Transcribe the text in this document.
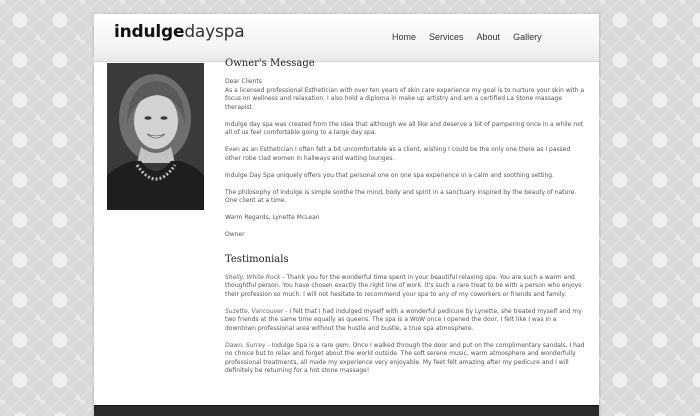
indulgedayspa	Home Services About Gallery
Owner's Message

Dear Clients
As a licensed professional Esthetician with over ten years of skin care experience my goal is to nurture your skin with a focus on wellness and relaxation. I also hold a diploma in make up artistry and am a certified La Stone massage therapist.

Indulge day spa was created from the idea that although we all like and deserve a bit of pampering once in a while not all of us feel comfortable going to a large day spa.

Even as an Esthetician I often felt a bit uncomfortable as a client, wishing I could be the only one there as I passed other robe clad women in hallways and waiting lounges.

Indulge Day Spa uniquely offers you that personal one on one spa experience in a calm and soothing setting.

The philosophy of Indulge is simple soothe the mind, body and spirit in a sanctuary inspired by the beauty of nature. One client at a time.

Warm Regards, Lynette McLean

Owner

Testimonials

Shelly, White Rock - Thank you for the wonderful time spent in your beautiful relaxing spa. You are such a warm and thoughtful person. You have chosen exactly the right line of work. It's such a rare treat to be with a person who enjoys their profession so much. I will not hesitate to recommend your spa to any of my coworkers or friends and family.

Suzette, Vancouver - I felt that I had indulged myself with a wonderful pedicure by Lynette, she treated myself and my two friends at the same time equally as queens. The spa is a WoW once I opened the door, I felt like I was in a downtown professional area without the hustle and bustle, a true spa atmosphere.

Dawn, Surrey - Indulge Spa is a rare gem. Once I walked through the door and put on the complimentary sandals, I had no choice but to relax and forget about the world outside. The soft serene music, warm atmosphere and wonderfully professional treatments, all made my experience very enjoyable. My feet felt amazing after my pedicure and I will definitely be returning for a hot stone massage!
